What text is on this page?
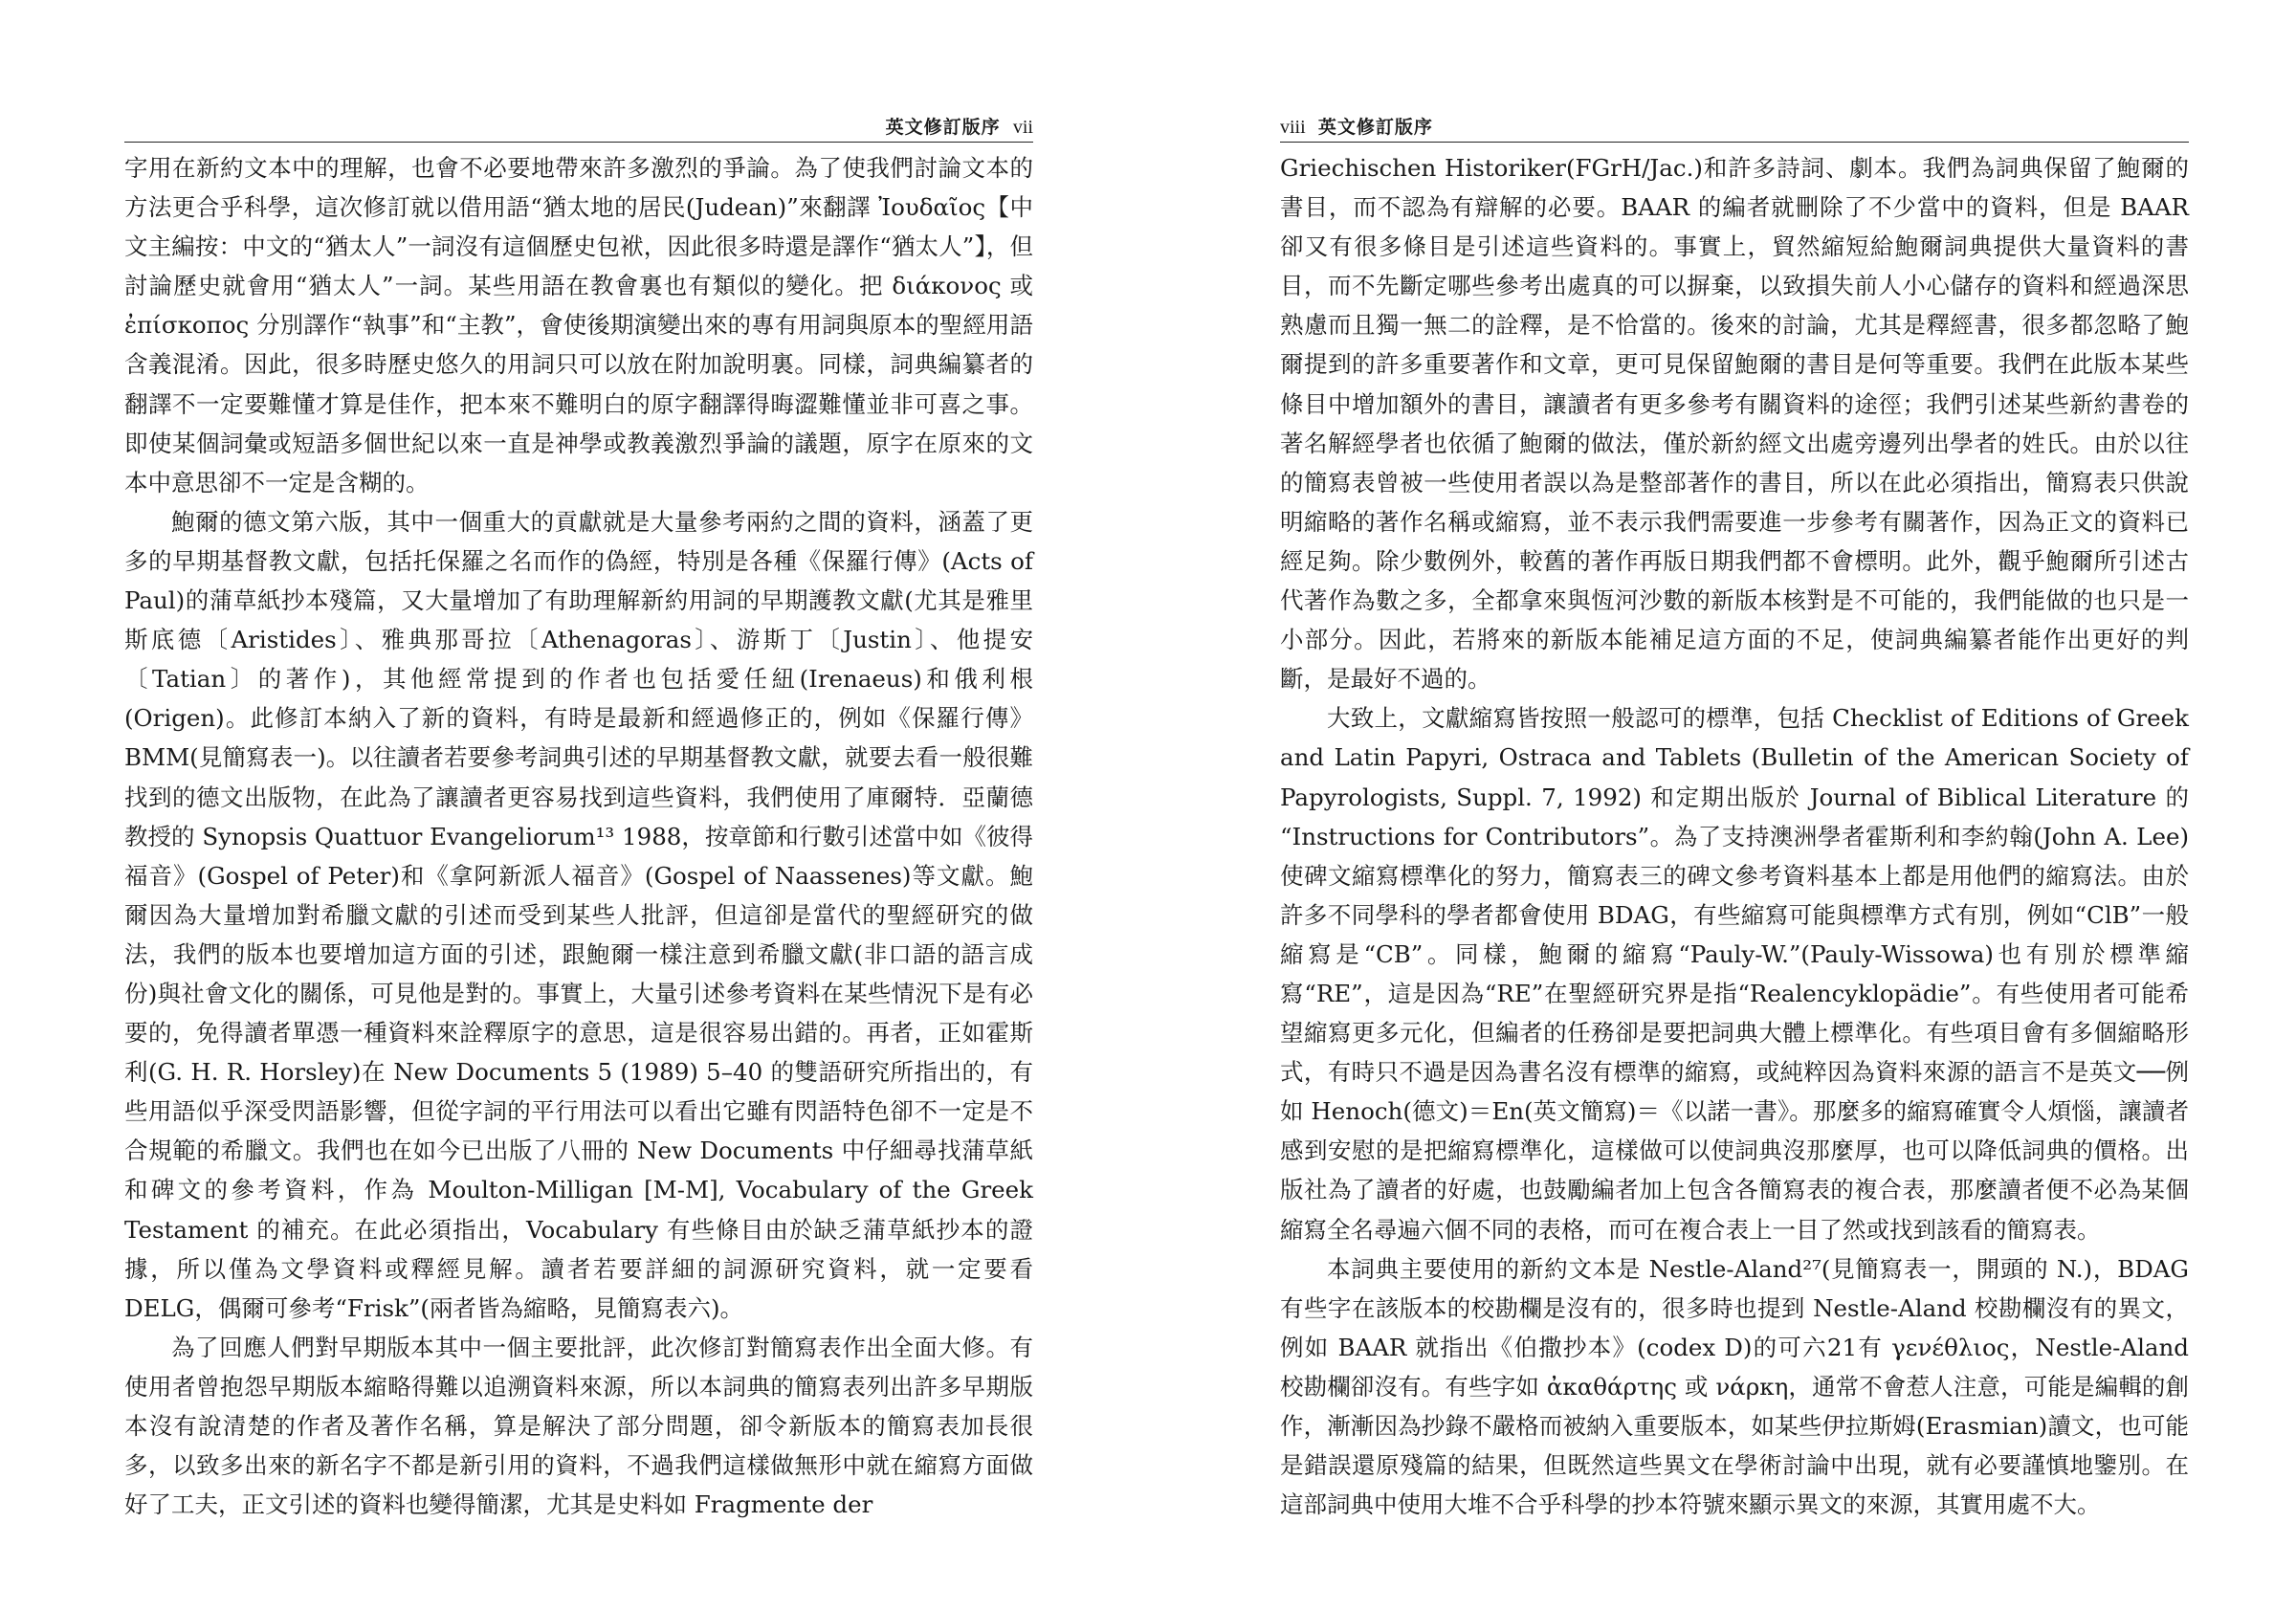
英文修訂版序 vii

字用在新約文本中的理解，也會不必要地帶來許多激烈的爭論。為了使我們討論文本的方法更合乎科學，這次修訂就以借用語“猶太地的居民(Judean)”來翻譯 Ἰουδαῖος【中文主編按：中文的“猶太人”一詞沒有這個歷史包袱，因此很多時還是譯作“猶太人”】，但討論歷史就會用“猶太人”一詞。某些用語在教會裏也有類似的變化。把 διάκονος 或 ἐπίσκοπος 分別譯作“執事”和“主教”，會使後期演變出來的專有用詞與原本的聖經用語含義混淆。因此，很多時歷史悠久的用詞只可以放在附加說明裏。同樣，詞典編纂者的翻譯不一定要難懂才算是佳作，把本來不難明白的原字翻譯得晦澀難懂並非可喜之事。即使某個詞彙或短語多個世紀以來一直是神學或教義激烈爭論的議題，原字在原來的文本中意思卻不一定是含糊的。

鮑爾的德文第六版，其中一個重大的貢獻就是大量參考兩約之間的資料，涵蓋了更多的早期基督教文獻，包括托保羅之名而作的偽經，特別是各種《保羅行傳》(Acts of Paul)的蒲草紙抄本殘篇，又大量增加了有助理解新約用詞的早期護教文獻(尤其是雅里斯底德〔Aristides〕、雅典那哥拉〔Athenagoras〕、游斯丁〔Justin〕、他提安〔Tatian〕的著作)，其他經常提到的作者也包括愛任紐(Irenaeus)和俄利根(Origen)。此修訂本納入了新的資料，有時是最新和經過修正的，例如《保羅行傳》BMM(見簡寫表一)。以往讀者若要參考詞典引述的早期基督教文獻，就要去看一般很難找到的德文出版物，在此為了讓讀者更容易找到這些資料，我們使用了庫爾特．亞蘭德教授的 Synopsis Quattuor Evangeliorum¹³ 1988，按章節和行數引述當中如《彼得福音》(Gospel of Peter)和《拿阿新派人福音》(Gospel of Naassenes)等文獻。鮑爾因為大量增加對希臘文獻的引述而受到某些人批評，但這卻是當代的聖經研究的做法，我們的版本也要增加這方面的引述，跟鮑爾一樣注意到希臘文獻(非口語的語言成份)與社會文化的關係，可見他是對的。事實上，大量引述參考資料在某些情況下是有必要的，免得讀者單憑一種資料來詮釋原字的意思，這是很容易出錯的。再者，正如霍斯利(G. H. R. Horsley)在 New Documents 5 (1989) 5–40 的雙語研究所指出的，有些用語似乎深受閃語影響，但從字詞的平行用法可以看出它雖有閃語特色卻不一定是不合規範的希臘文。我們也在如今已出版了八冊的 New Documents 中仔細尋找蒲草紙和碑文的參考資料，作為 Moulton-Milligan [M-M], Vocabulary of the Greek Testament 的補充。在此必須指出，Vocabulary 有些條目由於缺乏蒲草紙抄本的證據，所以僅為文學資料或釋經見解。讀者若要詳細的詞源研究資料，就一定要看 DELG，偶爾可參考“Frisk”(兩者皆為縮略，見簡寫表六)。

為了回應人們對早期版本其中一個主要批評，此次修訂對簡寫表作出全面大修。有使用者曾抱怨早期版本縮略得難以追溯資料來源，所以本詞典的簡寫表列出許多早期版本沒有說清楚的作者及著作名稱，算是解決了部分問題，卻令新版本的簡寫表加長很多，以致多出來的新名字不都是新引用的資料，不過我們這樣做無形中就在縮寫方面做好了工夫，正文引述的資料也變得簡潔，尤其是史料如 Fragmente der

viii 英文修訂版序

Griechischen Historiker(FGrH/Jac.)和許多詩詞、劇本。我們為詞典保留了鮑爾的書目，而不認為有辯解的必要。BAAR 的編者就刪除了不少當中的資料，但是 BAAR 卻又有很多條目是引述這些資料的。事實上，貿然縮短給鮑爾詞典提供大量資料的書目，而不先斷定哪些參考出處真的可以摒棄，以致損失前人小心儲存的資料和經過深思熟慮而且獨一無二的詮釋，是不恰當的。後來的討論，尤其是釋經書，很多都忽略了鮑爾提到的許多重要著作和文章，更可見保留鮑爾的書目是何等重要。我們在此版本某些條目中增加額外的書目，讓讀者有更多參考有關資料的途徑；我們引述某些新約書卷的著名解經學者也依循了鮑爾的做法，僅於新約經文出處旁邊列出學者的姓氏。由於以往的簡寫表曾被一些使用者誤以為是整部著作的書目，所以在此必須指出，簡寫表只供說明縮略的著作名稱或縮寫，並不表示我們需要進一步參考有關著作，因為正文的資料已經足夠。除少數例外，較舊的著作再版日期我們都不會標明。此外，觀乎鮑爾所引述古代著作為數之多，全都拿來與恆河沙數的新版本核對是不可能的，我們能做的也只是一小部分。因此，若將來的新版本能補足這方面的不足，使詞典編纂者能作出更好的判斷，是最好不過的。

大致上，文獻縮寫皆按照一般認可的標準，包括 Checklist of Editions of Greek and Latin Papyri, Ostraca and Tablets (Bulletin of the American Society of Papyrologists, Suppl. 7, 1992) 和定期出版於 Journal of Biblical Literature 的 “Instructions for Contributors”。為了支持澳洲學者霍斯利和李約翰(John A. Lee)使碑文縮寫標準化的努力，簡寫表三的碑文參考資料基本上都是用他們的縮寫法。由於許多不同學科的學者都會使用 BDAG，有些縮寫可能與標準方式有別，例如“ClB”一般縮寫是“CB”。同樣，鮑爾的縮寫“Pauly-W.”(Pauly-Wissowa)也有別於標準縮寫“RE”，這是因為“RE”在聖經研究界是指“Realencyklopädie”。有些使用者可能希望縮寫更多元化，但編者的任務卻是要把詞典大體上標準化。有些項目會有多個縮略形式，有時只不過是因為書名沒有標準的縮寫，或純粹因為資料來源的語言不是英文──例如 Henoch(德文)＝En(英文簡寫)＝《以諾一書》。那麼多的縮寫確實令人煩惱，讓讀者感到安慰的是把縮寫標準化，這樣做可以使詞典沒那麼厚，也可以降低詞典的價格。出版社為了讀者的好處，也鼓勵編者加上包含各簡寫表的複合表，那麼讀者便不必為某個縮寫全名尋遍六個不同的表格，而可在複合表上一目了然或找到該看的簡寫表。

本詞典主要使用的新約文本是 Nestle-Aland²⁷(見簡寫表一，開頭的 N.)，BDAG 有些字在該版本的校勘欄是沒有的，很多時也提到 Nestle-Aland 校勘欄沒有的異文，例如 BAAR 就指出《伯撒抄本》(codex D)的可六21有 γενέθλιος，Nestle-Aland 校勘欄卻沒有。有些字如 ἀκαθάρτης 或 νάρκη，通常不會惹人注意，可能是編輯的創作，漸漸因為抄錄不嚴格而被納入重要版本，如某些伊拉斯姆(Erasmian)讀文，也可能是錯誤還原殘篇的結果，但既然這些異文在學術討論中出現，就有必要謹慎地鑒別。在這部詞典中使用大堆不合乎科學的抄本符號來顯示異文的來源，其實用處不大。
